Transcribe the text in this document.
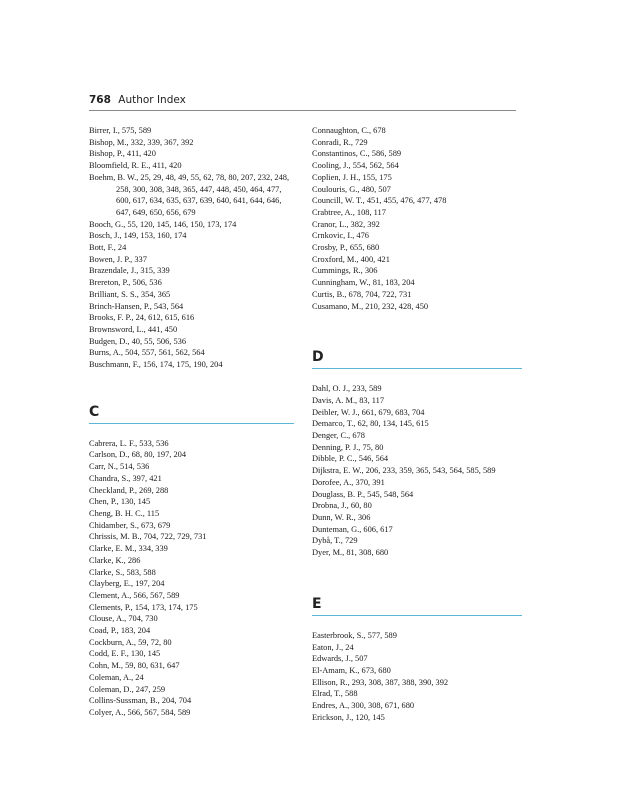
768 Author Index

Birrer, I., 575, 589

Bishop, M., 332, 339, 367, 392

Bishop, P., 411, 420

Bloomfield, R. E., 411, 420

Boehm, B. W., 25, 29, 48, 49, 55, 62, 78, 80, 207, 232, 248, 258, 300, 308, 348, 365, 447, 448, 450, 464, 477, 600, 617, 634, 635, 637, 639, 640, 641, 644, 646, 647, 649, 650, 656, 679

Booch, G., 55, 120, 145, 146, 150, 173, 174

Bosch, J., 149, 153, 160, 174

Bott, F., 24

Bowen, J. P., 337

Brazendale, J., 315, 339

Brereton, P., 506, 536

Brilliant, S. S., 354, 365

Brinch-Hansen, P., 543, 564

Brooks, F. P., 24, 612, 615, 616

Brownsword, L., 441, 450

Budgen, D., 40, 55, 506, 536

Burns, A., 504, 557, 561, 562, 564

Buschmann, F., 156, 174, 175, 190, 204

C

Cabrera, L. F., 533, 536

Carlson, D., 68, 80, 197, 204

Carr, N., 514, 536

Chandra, S., 397, 421

Checkland, P., 269, 288

Chen, P., 130, 145

Cheng, B. H. C., 115

Chidamber, S., 673, 679

Chrissis, M. B., 704, 722, 729, 731

Clarke, E. M., 334, 339

Clarke, K., 286

Clarke, S., 583, 588

Clayberg, E., 197, 204

Clement, A., 566, 567, 589

Clements, P., 154, 173, 174, 175

Clouse, A., 704, 730

Coad, P., 183, 204

Cockburn, A., 59, 72, 80

Codd, E. F., 130, 145

Cohn, M., 59, 80, 631, 647

Coleman, A., 24

Coleman, D., 247, 259

Collins-Sussman, B., 204, 704

Colyer, A., 566, 567, 584, 589

Connaughton, C., 678

Conradi, R., 729

Constantinos, C., 586, 589

Cooling, J., 554, 562, 564

Coplien, J. H., 155, 175

Coulouris, G., 480, 507

Councill, W. T., 451, 455, 476, 477, 478

Crabtree, A., 108, 117

Cranor, L., 382, 392

Crnkovic, I., 476

Crosby, P., 655, 680

Croxford, M., 400, 421

Cummings, R., 306

Cunningham, W., 81, 183, 204

Curtis, B., 678, 704, 722, 731

Cusamano, M., 210, 232, 428, 450

D

Dahl, O. J., 233, 589

Davis, A. M., 83, 117

Deibler, W. J., 661, 679, 683, 704

Demarco, T., 62, 80, 134, 145, 615

Denger, C., 678

Denning, P. J., 75, 80

Dibble, P. C., 546, 564

Dijkstra, E. W., 206, 233, 359, 365, 543, 564, 585, 589

Dorofee, A., 370, 391

Douglass, B. P., 545, 548, 564

Drobna, J., 60, 80

Dunn, W. R., 306

Dunteman, G., 606, 617

Dybå, T., 729

Dyer, M., 81, 308, 680

E

Easterbrook, S., 577, 589

Eaton, J., 24

Edwards, J., 507

El-Amam, K., 673, 680

Ellison, R., 293, 308, 387, 388, 390, 392

Elrad, T., 588

Endres, A., 300, 308, 671, 680

Erickson, J., 120, 145
